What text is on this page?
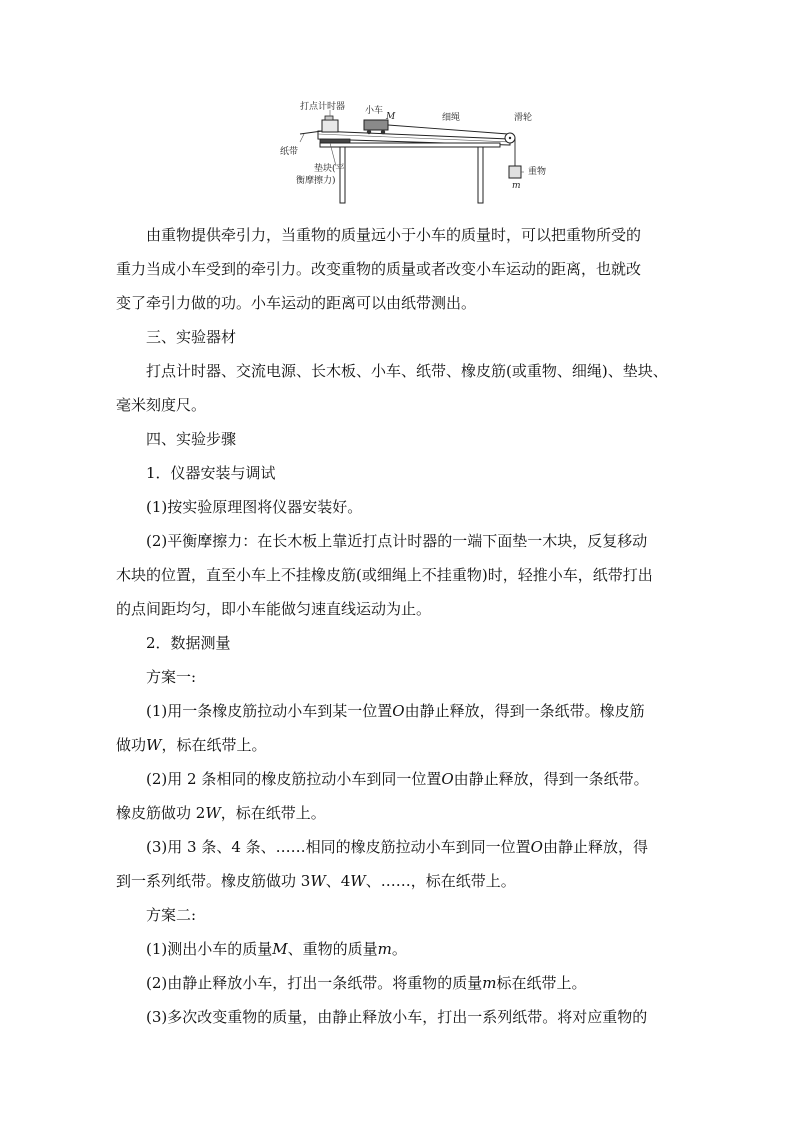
打点计时器 小车
M	细绳	滑轮
纸带
垫块(平
衡摩擦力)
重物
m

由重物提供牵引力，当重物的质量远小于小车的质量时，可以把重物所受的

重力当成小车受到的牵引力。改变重物的质量或者改变小车运动的距离，也就改

变了牵引力做的功。小车运动的距离可以由纸带测出。

三、实验器材

打点计时器、交流电源、长木板、小车、纸带、橡皮筋(或重物、细绳)、垫块、

毫米刻度尺。

四、实验步骤

1．仪器安装与调试

(1)按实验原理图将仪器安装好。

(2)平衡摩擦力：在长木板上靠近打点计时器的一端下面垫一木块，反复移动

木块的位置，直至小车上不挂橡皮筋(或细绳上不挂重物)时，轻推小车，纸带打出

的点间距均匀，即小车能做匀速直线运动为止。

2．数据测量

方案一:

(1)用一条橡皮筋拉动小车到某一位置O由静止释放，得到一条纸带。橡皮筋

做功W，标在纸带上。

(2)用 2 条相同的橡皮筋拉动小车到同一位置O由静止释放，得到一条纸带。

橡皮筋做功 2W，标在纸带上。

(3)用 3 条、4 条、……相同的橡皮筋拉动小车到同一位置O由静止释放，得

到一系列纸带。橡皮筋做功 3W、4W、……，标在纸带上。

方案二:

(1)测出小车的质量M、重物的质量m。

(2)由静止释放小车，打出一条纸带。将重物的质量m标在纸带上。

(3)多次改变重物的质量，由静止释放小车，打出一系列纸带。将对应重物的
